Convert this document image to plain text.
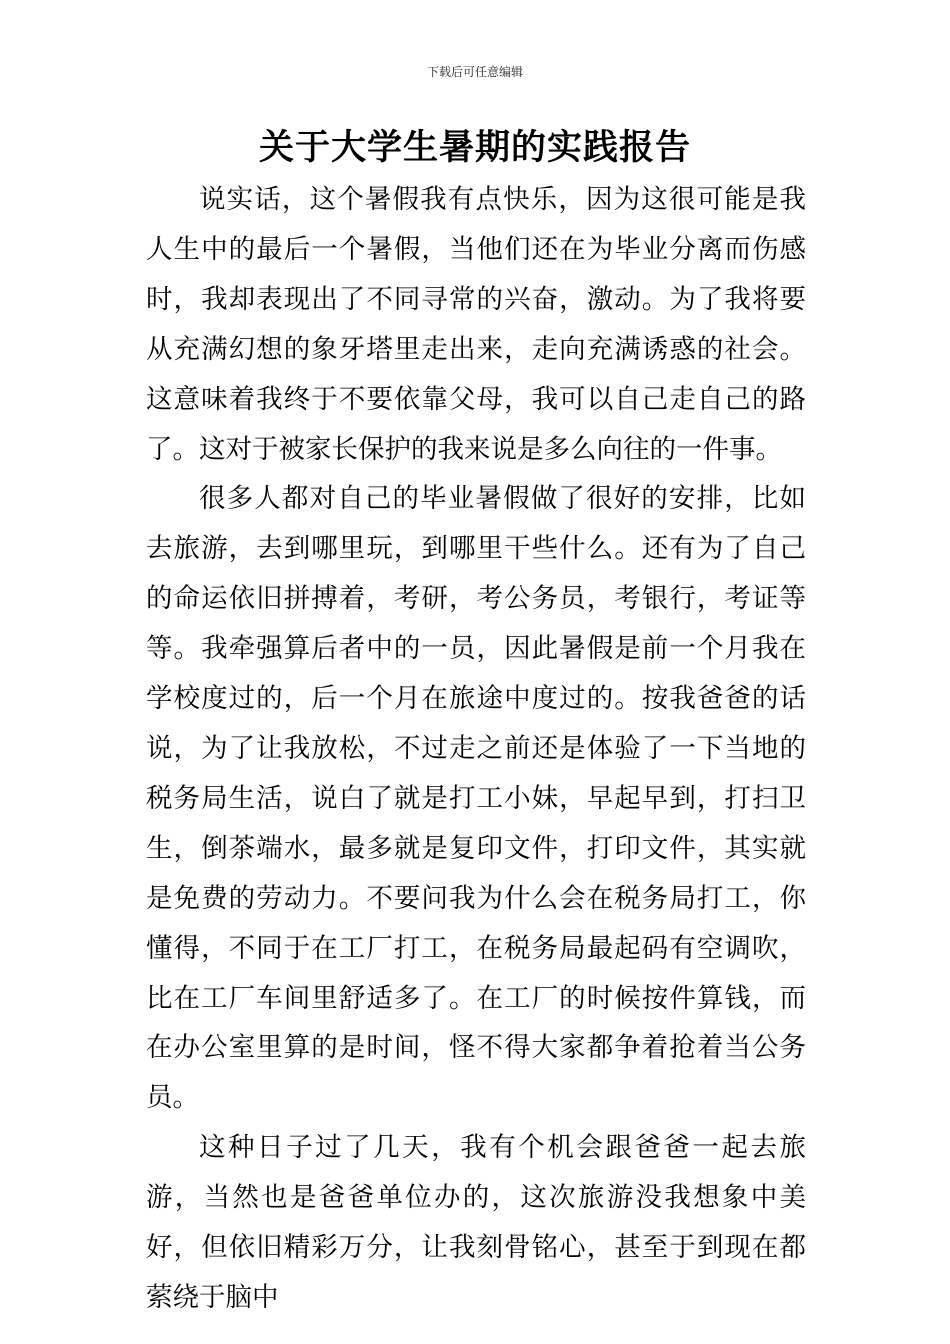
下载后可任意编辑
关于大学生暑期的实践报告

说实话，这个暑假我有点快乐，因为这很可能是我人生中的最后一个暑假，当他们还在为毕业分离而伤感时，我却表现出了不同寻常的兴奋，激动。为了我将要从充满幻想的象牙塔里走出来，走向充满诱惑的社会。这意味着我终于不要依靠父母，我可以自己走自己的路了。这对于被家长保护的我来说是多么向往的一件事。

很多人都对自己的毕业暑假做了很好的安排，比如去旅游，去到哪里玩，到哪里干些什么。还有为了自己的命运依旧拼搏着，考研，考公务员，考银行，考证等等。我牵强算后者中的一员，因此暑假是前一个月我在学校度过的，后一个月在旅途中度过的。按我爸爸的话说，为了让我放松，不过走之前还是体验了一下当地的税务局生活，说白了就是打工小妹，早起早到，打扫卫生，倒茶端水，最多就是复印文件，打印文件，其实就是免费的劳动力。不要问我为什么会在税务局打工，你懂得，不同于在工厂打工，在税务局最起码有空调吹，比在工厂车间里舒适多了。在工厂的时候按件算钱，而在办公室里算的是时间，怪不得大家都争着抢着当公务员。

这种日子过了几天，我有个机会跟爸爸一起去旅游，当然也是爸爸单位办的，这次旅游没我想象中美好，但依旧精彩万分，让我刻骨铭心，甚至于到现在都萦绕于脑中
